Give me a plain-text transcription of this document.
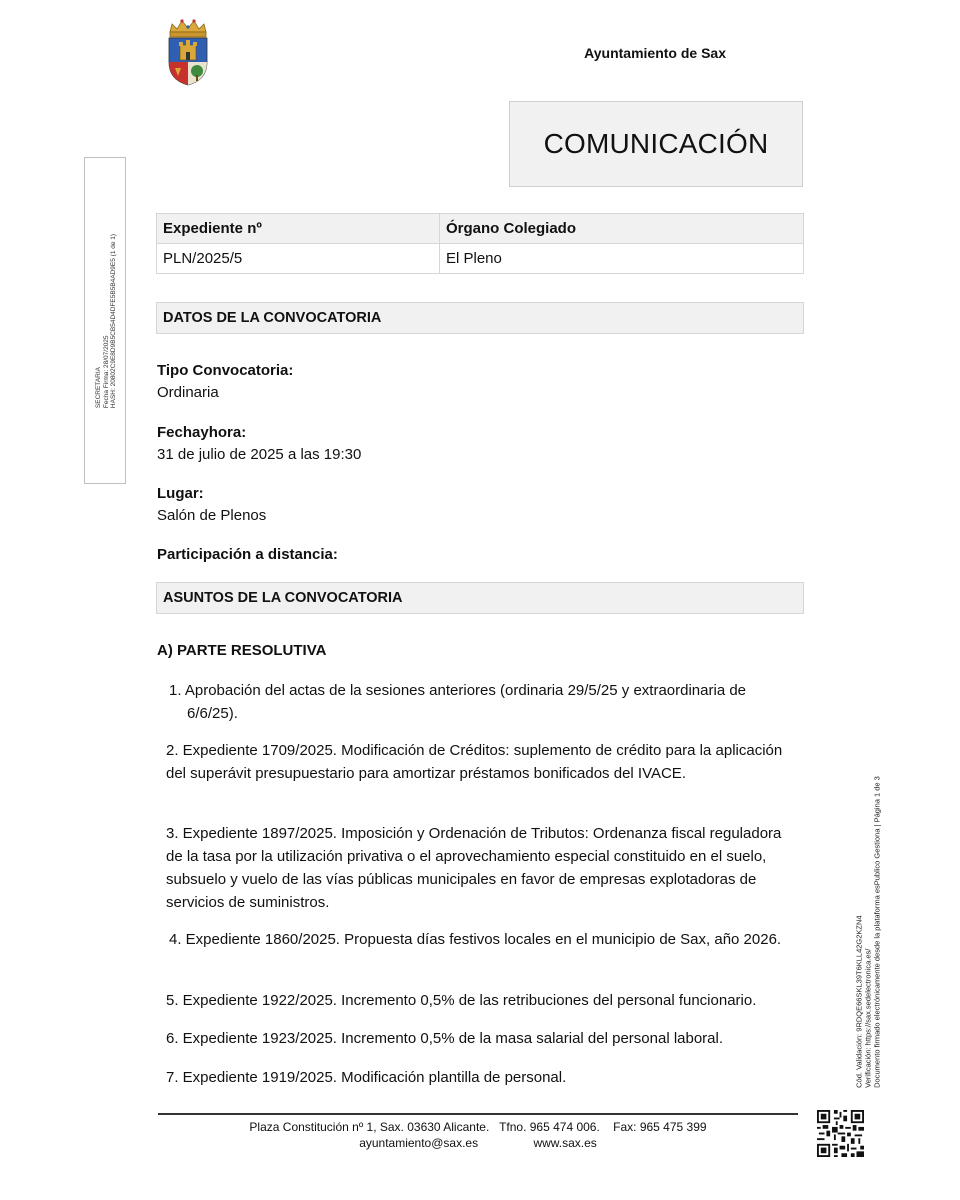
Ayuntamiento de Sax
COMUNICACIÓN
SECRETARIA Fecha Firma: 28/07/2025 HASH: 20802C9E8D9B5CB54D4DFE5B5B4AD9E5 (1 de 1)
Expediente nº	Órgano Colegiado
PLN/2025/5	El Pleno
DATOS DE LA CONVOCATORIA
Tipo Convocatoria:
Ordinaria
Fechayhora:
31 de julio de 2025 a las 19:30
Lugar:
Salón de Plenos
Participación a distancia:
ASUNTOS DE LA CONVOCATORIA
A) PARTE RESOLUTIVA
1. Aprobación del actas de la sesiones anteriores (ordinaria 29/5/25 y extraordinaria de 6/6/25).
2. Expediente 1709/2025. Modificación de Créditos: suplemento de crédito para la aplicación del superávit presupuestario para amortizar préstamos bonificados del IVACE.
3. Expediente 1897/2025. Imposición y Ordenación de Tributos: Ordenanza fiscal reguladora de la tasa por la utilización privativa o el aprovechamiento especial constituido en el suelo, subsuelo y vuelo de las vías públicas municipales en favor de empresas explotadoras de servicios de suministros.
4. Expediente 1860/2025. Propuesta días festivos locales en el municipio de Sax, año 2026.
5. Expediente 1922/2025. Incremento 0,5% de las retribuciones del personal funcionario.
6. Expediente 1923/2025. Incremento 0,5% de la masa salarial del personal laboral.
7. Expediente 1919/2025. Modificación plantilla de personal.
Plaza Constitución nº 1, Sax. 03630 Alicante.   Tfno. 965 474 006.    Fax: 965 475 399
ayuntamiento@sax.es	www.sax.es
Cód. Validación: 9RDQE66SKL39T6KLL42G2KZN4 Verificación: https://sax.sedelectronica.es/ Documento firmado electrónicamente desde la plataforma esPublico Gestiona | Página 1 de 3
